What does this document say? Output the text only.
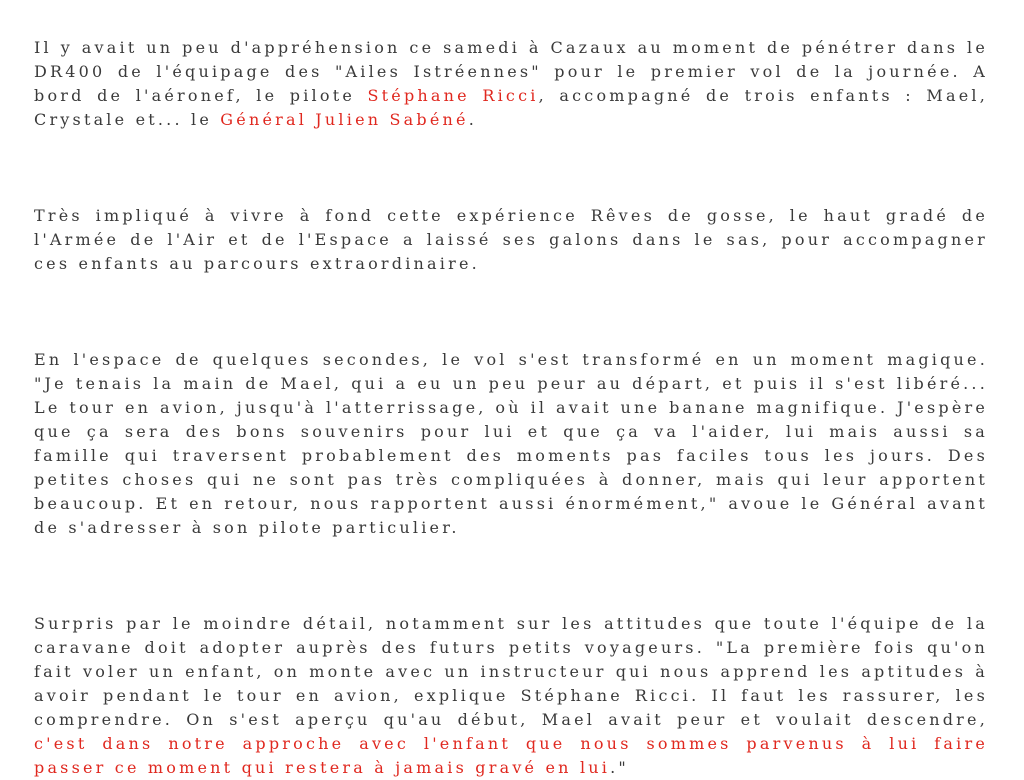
Il y avait un peu d'appréhension ce samedi à Cazaux au moment de pénétrer dans le DR400 de l'équipage des "Ailes Istréennes" pour le premier vol de la journée. A bord de l'aéronef, le pilote Stéphane Ricci, accompagné de trois enfants : Mael, Crystale et... le Général Julien Sabéné.

Très impliqué à vivre à fond cette expérience Rêves de gosse, le haut gradé de l'Armée de l'Air et de l'Espace a laissé ses galons dans le sas, pour accompagner ces enfants au parcours extraordinaire.

En l'espace de quelques secondes, le vol s'est transformé en un moment magique. "Je tenais la main de Mael, qui a eu un peu peur au départ, et puis il s'est libéré... Le tour en avion, jusqu'à l'atterrissage, où il avait une banane magnifique. J'espère que ça sera des bons souvenirs pour lui et que ça va l'aider, lui mais aussi sa famille qui traversent probablement des moments pas faciles tous les jours. Des petites choses qui ne sont pas très compliquées à donner, mais qui leur apportent beaucoup. Et en retour, nous rapportent aussi énormément," avoue le Général avant de s'adresser à son pilote particulier.

Surpris par le moindre détail, notamment sur les attitudes que toute l'équipe de la caravane doit adopter auprès des futurs petits voyageurs. "La première fois qu'on fait voler un enfant, on monte avec un instructeur qui nous apprend les aptitudes à avoir pendant le tour en avion, explique Stéphane Ricci. Il faut les rassurer, les comprendre. On s'est aperçu qu'au début, Mael avait peur et voulait descendre, c'est dans notre approche avec l'enfant que nous sommes parvenus à lui faire passer ce moment qui restera à jamais gravé en lui."
